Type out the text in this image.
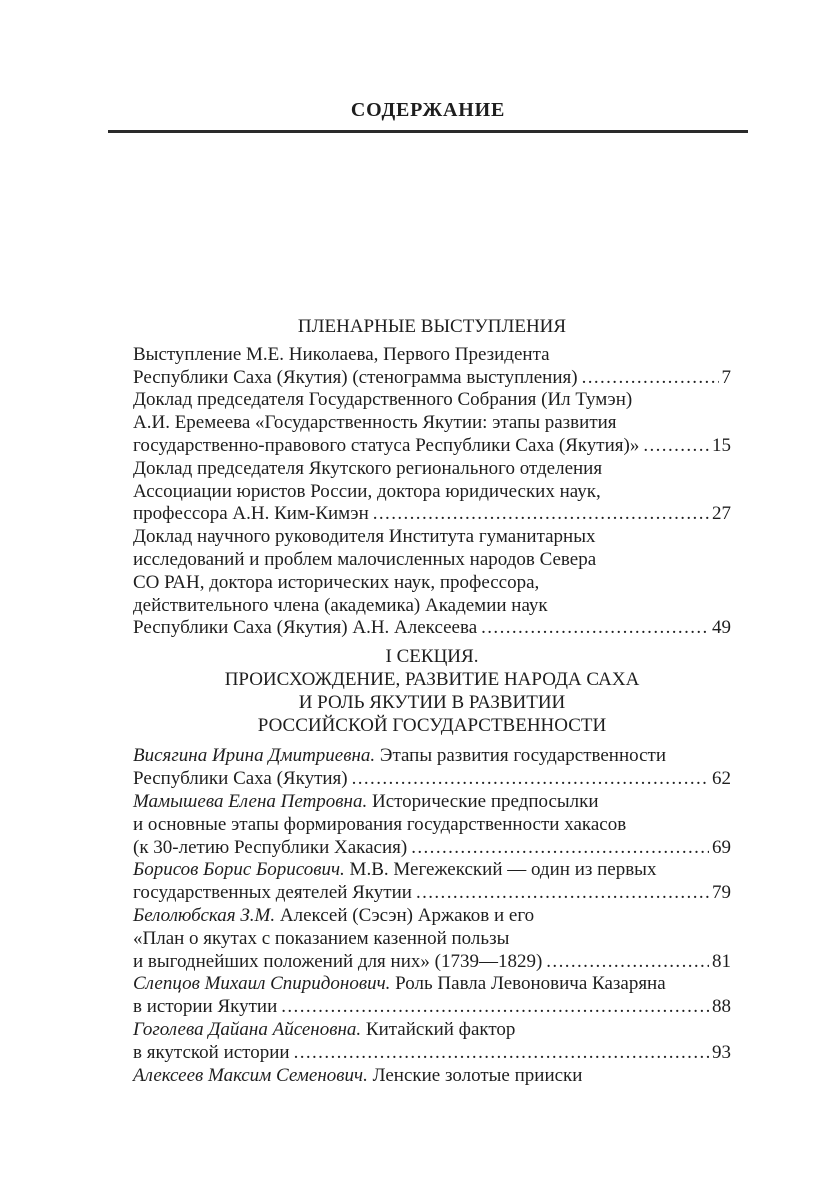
СОДЕРЖАНИЕ
ПЛЕНАРНЫЕ ВЫСТУПЛЕНИЯ
Выступление М.Е. Николаева, Первого Президента
Республики Саха (Якутия) (стенограмма выступления) .....	7
Доклад председателя Государственного Собрания (Ил Тумэн)
А.И. Еремеева «Государственность Якутии: этапы развития
государственно-правового статуса Республики Саха (Якутия)» .....	15
Доклад председателя Якутского регионального отделения
Ассоциации юристов России, доктора юридических наук,
профессора А.Н. Ким-Кимэн .....	27
Доклад научного руководителя Института гуманитарных
исследований и проблем малочисленных народов Севера
СО РАН, доктора исторических наук, профессора,
действительного члена (академика) Академии наук
Республики Саха (Якутия) А.Н. Алексеева .....	49
I СЕКЦИЯ.
ПРОИСХОЖДЕНИЕ, РАЗВИТИЕ НАРОДА САХА
И РОЛЬ ЯКУТИИ В РАЗВИТИИ
РОССИЙСКОЙ ГОСУДАРСТВЕННОСТИ
Висягина Ирина Дмитриевна. Этапы развития государственности
Республики Саха (Якутия) .....	62
Мамышева Елена Петровна. Исторические предпосылки
и основные этапы формирования государственности хакасов
(к 30-летию Республики Хакасия) .....	69
Борисов Борис Борисович. М.В. Мегежекский — один из первых
государственных деятелей Якутии .....	79
Белолюбская З.М. Алексей (Сэсэн) Аржаков и его
«План о якутах с показанием казенной пользы
и выгоднейших положений для них» (1739—1829) .....	81
Слепцов Михаил Спиридонович. Роль Павла Левоновича Казаряна
в истории Якутии .....	88
Гоголева Дайана Айсеновна. Китайский фактор
в якутской истории .....	93
Алексеев Максим Семенович. Ленские золотые прииски
